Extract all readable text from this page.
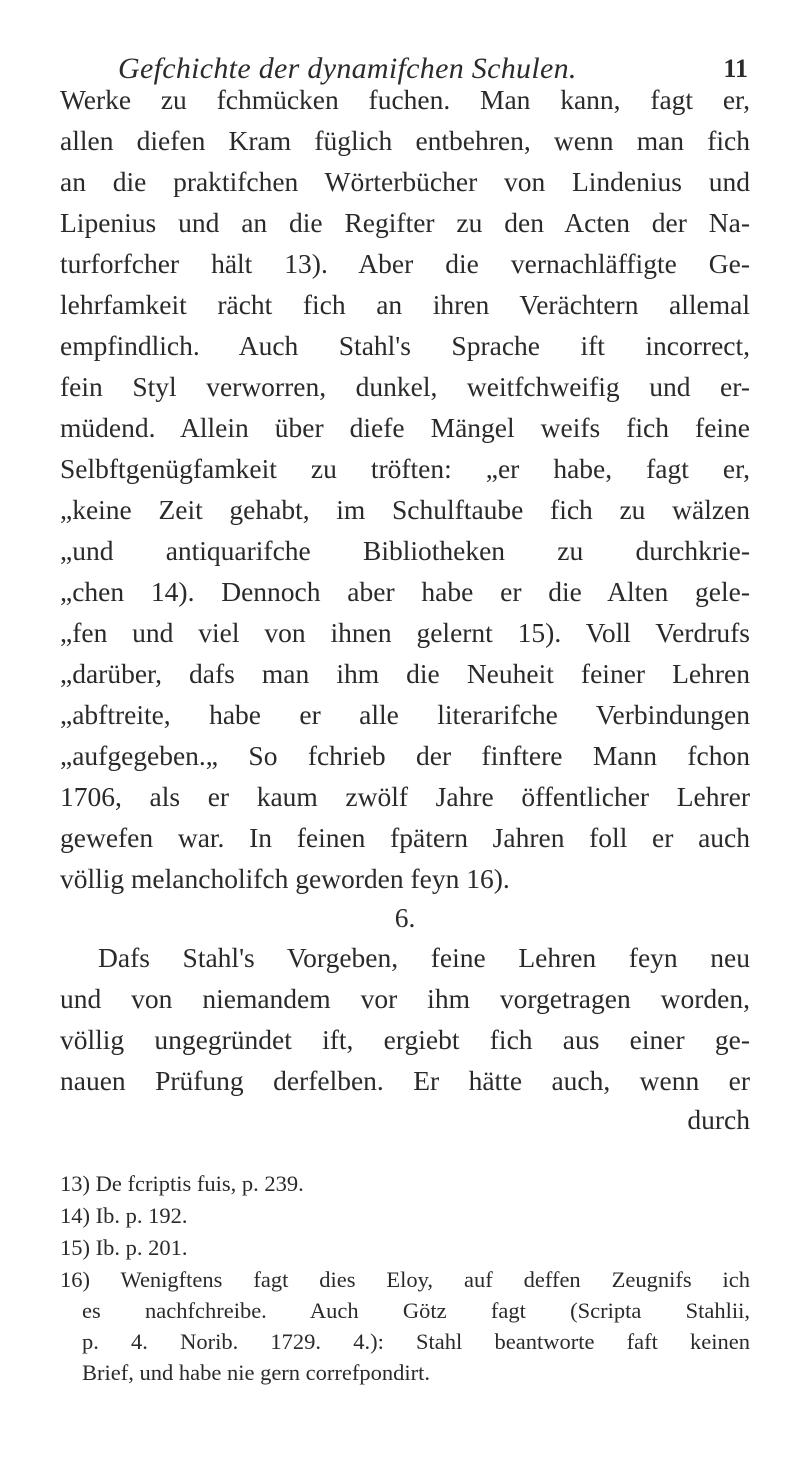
Gefchichte der dynamifchen Schulen.	11
Werke zu fchmücken fuchen. Man kann, fagt er,
allen diefen Kram füglich entbehren, wenn man fich
an die praktifchen Wörterbücher von Lindenius und
Lipenius und an die Regifter zu den Acten der Na-
turforfcher hält 13). Aber die vernachläffigte Ge-
lehrfamkeit rächt fich an ihren Verächtern allemal
empfindlich. Auch Stahl's Sprache ift incorrect,
fein Styl verworren, dunkel, weitfchweifig und er-
müdend. Allein über diefe Mängel weifs fich feine
Selbftgenügfamkeit zu tröften: „er habe, fagt er,
„keine Zeit gehabt, im Schulftaube fich zu wälzen
„und antiquarifche Bibliotheken zu durchkrie-
„chen 14). Dennoch aber habe er die Alten gele-
„fen und viel von ihnen gelernt 15). Voll Verdrufs
„darüber, dafs man ihm die Neuheit feiner Lehren
„abftreite, habe er alle literarifche Verbindungen
„aufgegeben.„ So fchrieb der finftere Mann fchon
1706, als er kaum zwölf Jahre öffentlicher Lehrer
gewefen war. In feinen fpätern Jahren foll er auch
völlig melancholifch geworden feyn 16).
6.
Dafs Stahl's Vorgeben, feine Lehren feyn neu
und von niemandem vor ihm vorgetragen worden,
völlig ungegründet ift, ergiebt fich aus einer ge-
nauen Prüfung derfelben. Er hätte auch, wenn er
durch
13) De fcriptis fuis, p. 239.
14) Ib. p. 192.
15) Ib. p. 201.
16) Wenigftens fagt dies Eloy, auf deffen Zeugnifs ich
es nachfchreibe. Auch Götz fagt (Scripta Stahlii,
p. 4. Norib. 1729. 4.): Stahl beantworte faft keinen
Brief, und habe nie gern correfpondirt.
